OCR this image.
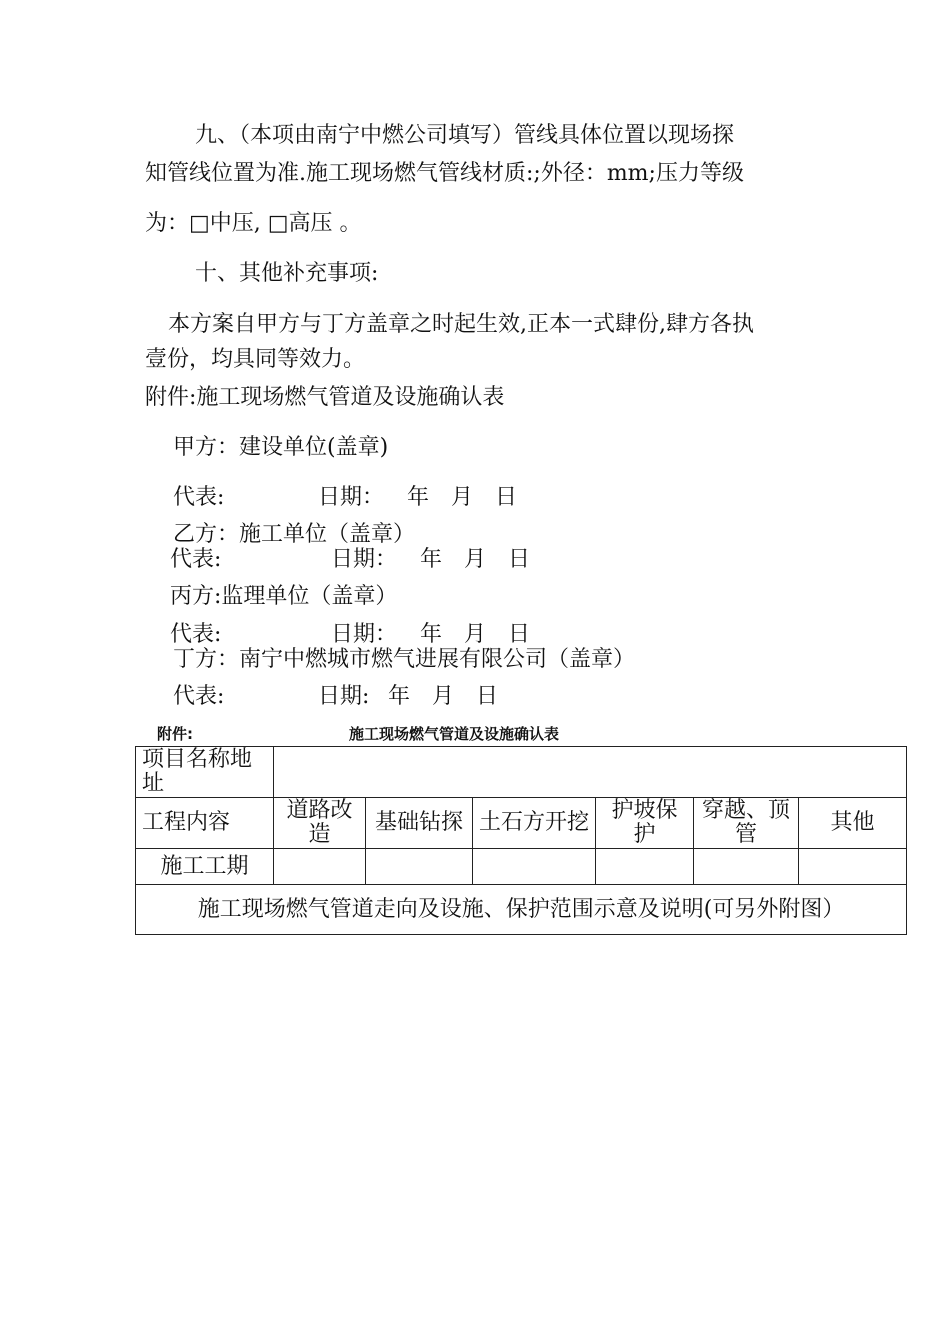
九、（本项由南宁中燃公司填写）管线具体位置以现场探
知管线位置为准.施工现场燃气管线材质:;外径：mm;压力等级
为：□中压, □高压 。
十、其他补充事项:
本方案自甲方与丁方盖章之时起生效,正本一式肆份,肆方各执
壹份，均具同等效力。
附件:施工现场燃气管道及设施确认表
甲方：建设单位(盖章)
代表:	日期： 年　月　日
乙方：施工单位（盖章）
代表:	日期： 年　月　日
丙方:监理单位（盖章）
代表:	日期： 年　月　日
丁方：南宁中燃城市燃气进展有限公司（盖章）
代表:	日期: 年　月　日
附件:	施工现场燃气管道及设施确认表
项目名称地址						
工程内容	道路改造	基础钻探	土石方开挖	护坡保护	穿越、顶管	其他
施工工期						
施工现场燃气管道走向及设施、保护范围示意及说明(可另外附图）						
